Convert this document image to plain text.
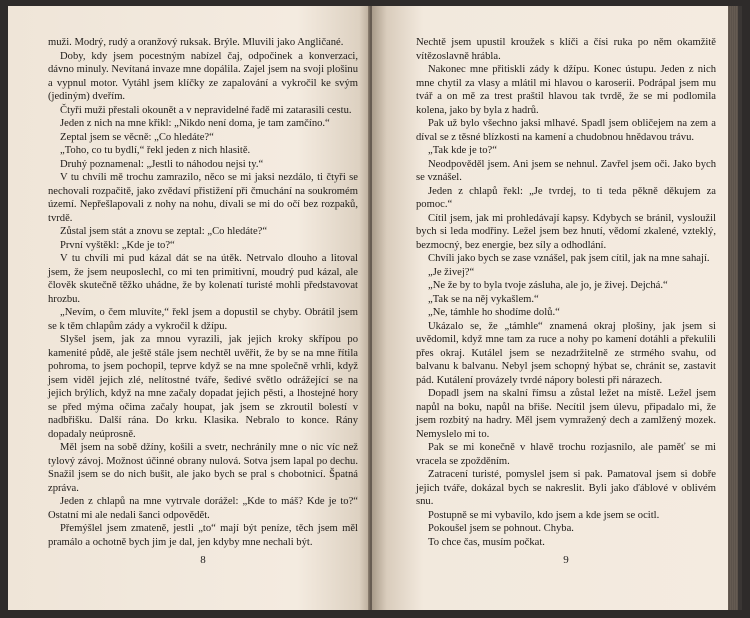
muži. Modrý, rudý a oranžový ruksak. Brýle. Mluvili jako Angličané.

Doby, kdy jsem pocestným nabízel čaj, odpočinek a konverzaci, dávno minuly. Nevítaná invaze mne dopálila. Zajel jsem na svoji plošinu a vypnul motor. Vytáhl jsem klíčky ze zapalování a vykročil ke svým (jediným) dveřím.

Čtyři muži přestali okounět a v nepravidelné řadě mi zatarasili cestu.

Jeden z nich na mne křikl: „Nikdo není doma, je tam zamčíno.“

Zeptal jsem se věcně: „Co hledáte?“

„Toho, co tu bydlí,“ řekl jeden z nich hlasitě.

Druhý poznamenal: „Jestli to náhodou nejsi ty.“

V tu chvíli mě trochu zamrazilo, něco se mi jaksi nezdálo, ti čtyři se nechovali rozpačitě, jako zvědaví přistižení při čmuchání na soukromém území. Nepřešlapovali z nohy na nohu, dívali se mi do očí bez rozpaků, tvrdě.

Zůstal jsem stát a znovu se zeptal: „Co hledáte?“

První vyštěkl: „Kde je to?“

V tu chvíli mi pud kázal dát se na útěk. Netrvalo dlouho a litoval jsem, že jsem neuposlechl, co mi ten primitivní, moudrý pud kázal, ale člověk skutečně těžko uhádne, že by kolenatí turisté mohli představovat hrozbu.

„Nevím, o čem mluvíte,“ řekl jsem a dopustil se chyby. Obrátil jsem se k těm chlapům zády a vykročil k džípu.

Slyšel jsem, jak za mnou vyrazili, jak jejich kroky skřípou po kamenité půdě, ale ještě stále jsem nechtěl uvěřit, že by se na mne řítila pohroma, to jsem pochopil, teprve když se na mne společně vrhli, když jsem viděl jejich zlé, nelítostné tváře, šedivé světlo odrážející se na jejich brýlích, když na mne začaly dopadat jejich pěsti, a lhostejné hory se před mýma očima začaly houpat, jak jsem se zkroutil bolestí v nadbřišku. Další rána. Do krku. Klasika. Nebralo to konce. Rány dopadaly neúprosně.

Měl jsem na sobě džíny, košili a svetr, nechránily mne o nic víc než tylový závoj. Možnost účinné obrany nulová. Sotva jsem lapal po dechu. Snažil jsem se do nich bušit, ale jako bych se pral s chobotnicí. Špatná zpráva.

Jeden z chlapů na mne vytrvale dorážel: „Kde to máš? Kde je to?“ Ostatní mi ale nedali šanci odpovědět.

Přemýšlel jsem zmateně, jestli „to“ mají být peníze, těch jsem měl pramálo a ochotně bych jim je dal, jen kdyby mne nechali být.

8

Nechtě jsem upustil kroužek s klíči a čísi ruka po něm okamžitě vítězoslavně hrábla.

Nakonec mne přitiskli zády k džípu. Konec ústupu. Jeden z nich mne chytil za vlasy a mlátil mi hlavou o karoserii. Podrápal jsem mu tvář a on mě za trest praštil hlavou tak tvrdě, že se mi podlomila kolena, jako by byla z hadrů.

Pak už bylo všechno jaksi mlhavé. Spadl jsem obličejem na zem a díval se z těsné blízkosti na kamení a chudobnou hnědavou trávu.

„Tak kde je to?“

Neodpověděl jsem. Ani jsem se nehnul. Zavřel jsem oči. Jako bych se vznášel.

Jeden z chlapů řekl: „Je tvrdej, to ti teda pěkně děkujem za pomoc.“

Cítil jsem, jak mi prohledávají kapsy. Kdybych se bránil, vysloužil bych si leda modřiny. Ležel jsem bez hnutí, vědomí zkalené, vzteklý, bezmocný, bez energie, bez síly a odhodlání.

Chvíli jako bych se zase vznášel, pak jsem cítil, jak na mne sahají.

„Je živej?“

„Ne že by to byla tvoje zásluha, ale jo, je živej. Dejchá.“

„Tak se na něj vykašlem.“

„Ne, támhle ho shodíme dolů.“

Ukázalo se, že „támhle“ znamená okraj plošiny, jak jsem si uvědomil, když mne tam za ruce a nohy po kamení dotáhli a překulili přes okraj. Kutálel jsem se nezadržitelně ze strmého svahu, od balvanu k balvanu. Nebyl jsem schopný hýbat se, chránit se, zastavit pád. Kutálení provázely tvrdé nápory bolesti při nárazech.

Dopadl jsem na skalní římsu a zůstal ležet na místě. Ležel jsem napůl na boku, napůl na břiše. Necítil jsem úlevu, připadalo mi, že jsem rozbitý na hadry. Měl jsem vymražený dech a zamlžený mozek. Nemyslelo mi to.

Pak se mi konečně v hlavě trochu rozjasnilo, ale paměť se mi vracela se zpožděním.

Zatracení turisté, pomyslel jsem si pak. Pamatoval jsem si dobře jejich tváře, dokázal bych se nakreslit. Byli jako ďáblové v oblivém snu.

Postupně se mi vybavilo, kdo jsem a kde jsem se ocitl.

Pokoušel jsem se pohnout. Chyba.

To chce čas, musím počkat.

9
